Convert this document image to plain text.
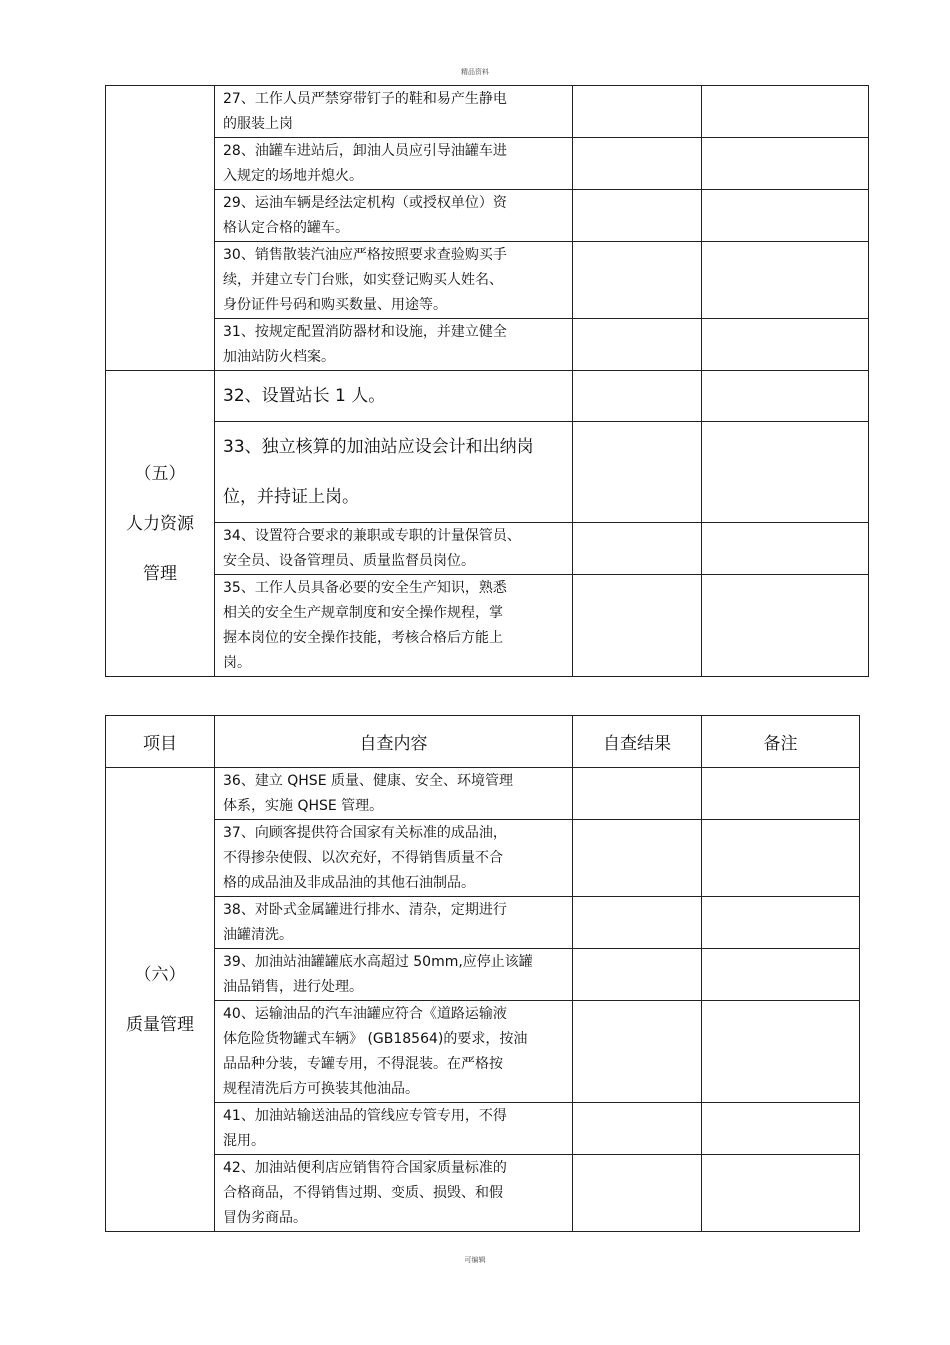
精品资料

	27、工作人员严禁穿带钉子的鞋和易产生静电
的服装上岗		

	28、油罐车进站后，卸油人员应引导油罐车进
入规定的场地并熄火。		

	29、运油车辆是经法定机构（或授权单位）资
格认定合格的罐车。		

	30、销售散装汽油应严格按照要求查验购买手
续，并建立专门台账，如实登记购买人姓名、
身份证件号码和购买数量、用途等。		

	31、按规定配置消防器材和设施，并建立健全
加油站防火档案。		

（五）
人力资源
管理	32、设置站长 1 人。		

	33、独立核算的加油站应设会计和出纳岗
位，并持证上岗。		

	34、设置符合要求的兼职或专职的计量保管员、
安全员、设备管理员、质量监督员岗位。		

	35、工作人员具备必要的安全生产知识，熟悉
相关的安全生产规章制度和安全操作规程，掌
握本岗位的安全操作技能，考核合格后方能上
岗。		

项目	自查内容	自查结果	备注
（六）
质量管理	36、建立 QHSE 质量、健康、安全、环境管理
体系，实施 QHSE 管理。		

	37、向顾客提供符合国家有关标准的成品油，
不得掺杂使假、以次充好，不得销售质量不合
格的成品油及非成品油的其他石油制品。		

	38、对卧式金属罐进行排水、清杂，定期进行
油罐清洗。		

	39、加油站油罐罐底水高超过 50mm,应停止该罐
油品销售，进行处理。		

	40、运输油品的汽车油罐应符合《道路运输液
体危险货物罐式车辆》 (GB18564)的要求，按油
品品种分装，专罐专用，不得混装。在严格按
规程清洗后方可换装其他油品。		

	41、加油站输送油品的管线应专管专用，不得
混用。		

	42、加油站便利店应销售符合国家质量标准的
合格商品，不得销售过期、变质、损毁、和假
冒伪劣商品。		

可编辑
